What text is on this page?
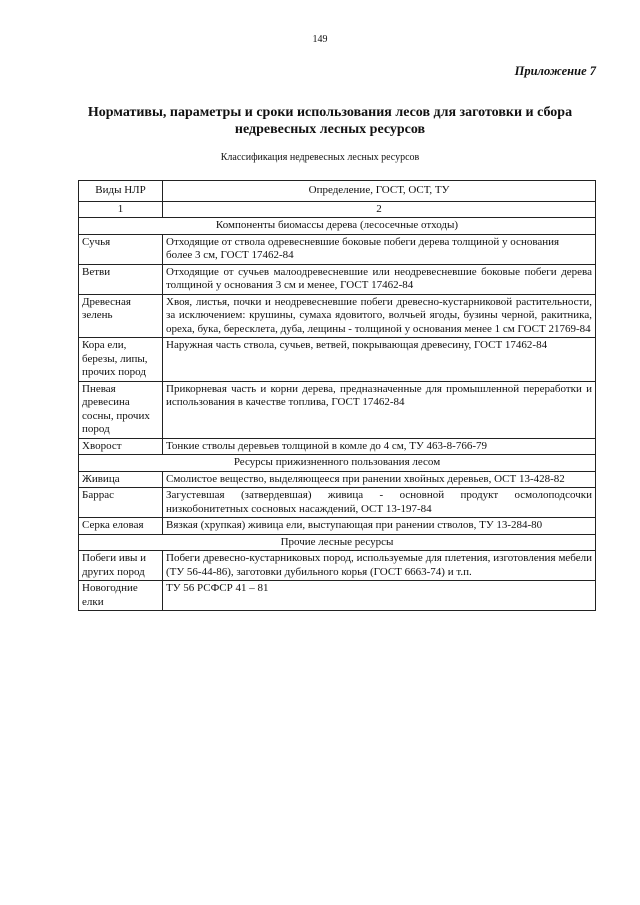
149
Приложение 7
Нормативы, параметры и сроки использования лесов для заготовки и сбора недревесных лесных ресурсов
Классификация недревесных лесных ресурсов
Виды НЛР	Определение, ГОСТ, ОСТ, ТУ
1	2
Компоненты биомассы дерева (лесосечные отходы)	
Сучья	Отходящие от ствола одревесневшие боковые побеги дерева толщиной у основания
более 3 см, ГОСТ 17462-84

Ветви	Отходящие от сучьев малоодревесневшие или неодревесневшие боковые побеги дерева толщиной у основания 3 см и менее, ГОСТ 17462-84

Древесная зелень	Хвоя, листья, почки и неодревесневшие побеги древесно-кустарниковой растительности, за исключением: крушины, сумаха ядовитого, волчьей ягоды, бузины черной, ракитника, ореха, бука, бересклета, дуба, лещины - толщиной у основания менее 1 см ГОСТ 21769-84

Кора ели, березы, липы, прочих пород	Наружная часть ствола, сучьев, ветвей, покрывающая древесину, ГОСТ 17462-84

Пневая древесина сосны, прочих пород	Прикорневая часть и корни дерева, предназначенные для промышленной переработки и использования в качестве топлива, ГОСТ 17462-84

Хворост	Тонкие стволы деревьев толщиной в комле до 4 см, ТУ 463-8-766-79

Ресурсы прижизненного пользования лесом	
Живица	Смолистое вещество, выделяющееся при ранении хвойных деревьев, ОСТ 13-428-82

Баррас	Загустевшая (затвердевшая) живица - основной продукт осмолоподсочки низкобонитетных сосновых насаждений, ОСТ 13-197-84

Серка еловая	Вязкая (хрупкая) живица ели, выступающая при ранении стволов, ТУ 13-284-80

Прочие лесные ресурсы	
Побеги ивы и других пород	Побеги древесно-кустарниковых пород, используемые для плетения, изготовления мебели (ТУ 56-44-86), заготовки дубильного корья (ГОСТ 6663-74) и т.п.

Новогодние елки	ТУ 56 РСФСР 41 – 81
